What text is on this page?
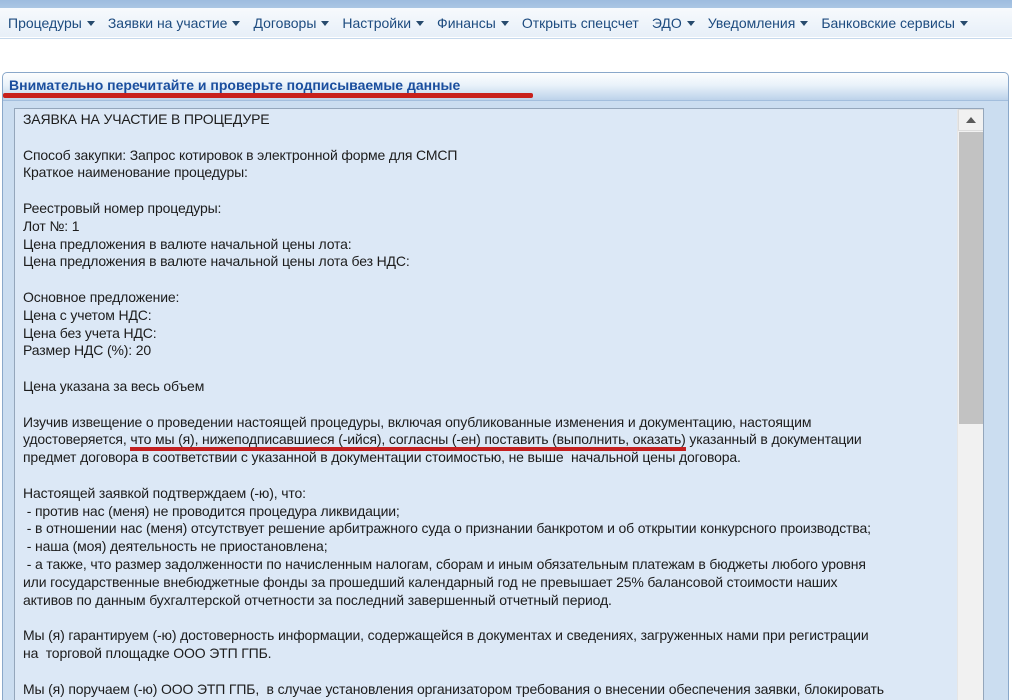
Процедуры Заявки на участие Договоры Настройки Финансы Открыть спецсчет ЭДО Уведомления Банковские сервисы
Внимательно перечитайте и проверьте подписываемые данные
ЗАЯВКА НА УЧАСТИЕ В ПРОЦЕДУРЕ

Способ закупки: Запрос котировок в электронной форме для СМСП
Краткое наименование процедуры:

Реестровый номер процедуры:
Лот №: 1
Цена предложения в валюте начальной цены лота:
Цена предложения в валюте начальной цены лота без НДС:

Основное предложение:
Цена с учетом НДС:
Цена без учета НДС:
Размер НДС (%): 20

Цена указана за весь объем

Изучив извещение о проведении настоящей процедуры, включая опубликованные изменения и документацию, настоящим
удостоверяется, что мы (я), нижеподписавшиеся (-ийся), согласны (-ен) поставить (выполнить, оказать) указанный в документации
предмет договора в соответствии с указанной в документации стоимостью, не выше  начальной цены договора.

Настоящей заявкой подтверждаем (-ю), что:
- против нас (меня) не проводится процедура ликвидации;
- в отношении нас (меня) отсутствует решение арбитражного суда о признании банкротом и об открытии конкурсного производства;
- наша (моя) деятельность не приостановлена;
- а также, что размер задолженности по начисленным налогам, сборам и иным обязательным платежам в бюджеты любого уровня
или государственные внебюджетные фонды за прошедший календарный год не превышает 25% балансовой стоимости наших
активов по данным бухгалтерской отчетности за последний завершенный отчетный период.

Мы (я) гарантируем (-ю) достоверность информации, содержащейся в документах и сведениях, загруженных нами при регистрации
на  торговой площадке ООО ЭТП ГПБ.

Мы (я) поручаем (-ю) ООО ЭТП ГПБ,  в случае установления организатором требования о внесении обеспечения заявки, блокировать
